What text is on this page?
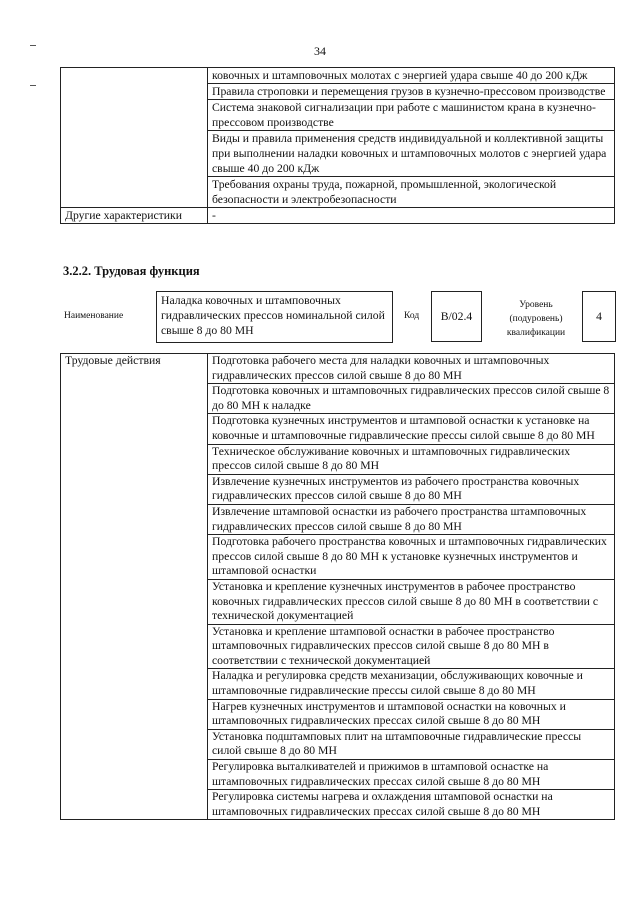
34
	ковочных и штамповочных молотах с энергией удара свыше 40 до 200 кДж
	Правила строповки и перемещения грузов в кузнечно-прессовом производстве
	Система знаковой сигнализации при работе с машинистом крана в кузнечно-прессовом производстве
	Виды и правила применения средств индивидуальной и коллективной защиты при выполнении наладки ковочных и штамповочных молотов с энергией удара свыше 40 до 200 кДж
	Требования охраны труда, пожарной, промышленной, экологической безопасности и электробезопасности
Другие характеристики	-
3.2.2. Трудовая функция
Наименование
Наладка ковочных и штамповочных гидравлических прессов номинальной силой свыше 8 до 80 МН
Код	B/02.4
Уровень (подуровень) квалификации
4
Трудовые действия	Подготовка рабочего места для наладки ковочных и штамповочных гидравлических прессов силой свыше 8 до 80 МН
Подготовка ковочных и штамповочных гидравлических прессов силой свыше 8 до 80 МН к наладке
Подготовка кузнечных инструментов и штамповой оснастки к установке на ковочные и штамповочные гидравлические прессы силой свыше 8 до 80 МН
Техническое обслуживание ковочных и штамповочных гидравлических прессов силой свыше 8 до 80 МН
Извлечение кузнечных инструментов из рабочего пространства ковочных гидравлических прессов силой свыше 8 до 80 МН
Извлечение штамповой оснастки из рабочего пространства штамповочных гидравлических прессов силой свыше 8 до 80 МН
Подготовка рабочего пространства ковочных и штамповочных гидравлических прессов силой свыше 8 до 80 МН к установке кузнечных инструментов и штамповой оснастки
Установка и крепление кузнечных инструментов в рабочее пространство ковочных гидравлических прессов силой свыше 8 до 80 МН в соответствии с технической документацией
Установка и крепление штамповой оснастки в рабочее пространство штамповочных гидравлических прессов силой свыше 8 до 80 МН в соответствии с технической документацией
Наладка и регулировка средств механизации, обслуживающих ковочные и штамповочные гидравлические прессы силой свыше 8 до 80 МН
Нагрев кузнечных инструментов и штамповой оснастки на ковочных и штамповочных гидравлических прессах силой свыше 8 до 80 МН
Установка подштамповых плит на штамповочные гидравлические прессы силой свыше 8 до 80 МН
Регулировка выталкивателей и прижимов в штамповой оснастке на штамповочных гидравлических прессах силой свыше 8 до 80 МН
Регулировка системы нагрева и охлаждения штамповой оснастки на штамповочных гидравлических прессах силой свыше 8 до 80 МН
